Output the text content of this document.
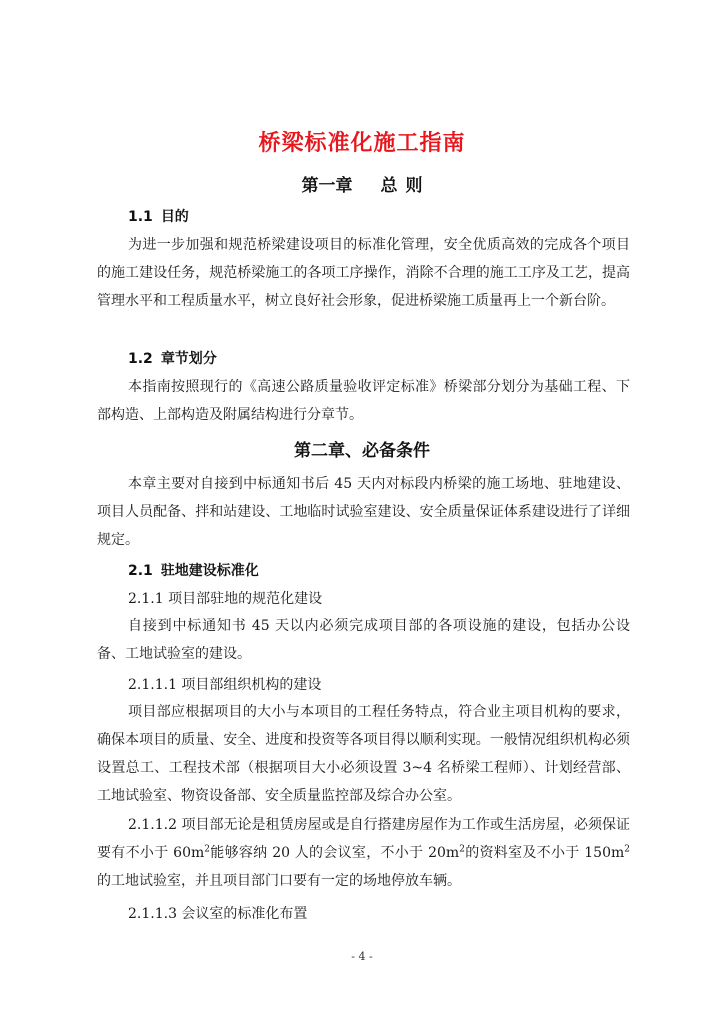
桥梁标准化施工指南
第一章 总 则
1.1 目的

为进一步加强和规范桥梁建设项目的标准化管理，安全优质高效的完成各个项目的施工建设任务，规范桥梁施工的各项工序操作，消除不合理的施工工序及工艺，提高管理水平和工程质量水平，树立良好社会形象，促进桥梁施工质量再上一个新台阶。

1.2 章节划分

本指南按照现行的《高速公路质量验收评定标准》桥梁部分划分为基础工程、下部构造、上部构造及附属结构进行分章节。

第二章、必备条件

本章主要对自接到中标通知书后 45 天内对标段内桥梁的施工场地、驻地建设、项目人员配备、拌和站建设、工地临时试验室建设、安全质量保证体系建设进行了详细规定。

2.1 驻地建设标准化
2.1.1 项目部驻地的规范化建设

自接到中标通知书 45 天以内必须完成项目部的各项设施的建设，包括办公设备、工地试验室的建设。

2.1.1.1 项目部组织机构的建设

项目部应根据项目的大小与本项目的工程任务特点，符合业主项目机构的要求，确保本项目的质量、安全、进度和投资等各项目得以顺利实现。一般情况组织机构必须设置总工、工程技术部（根据项目大小必须设置 3~4 名桥梁工程师）、计划经营部、工地试验室、物资设备部、安全质量监控部及综合办公室。

2.1.1.2 项目部无论是租赁房屋或是自行搭建房屋作为工作或生活房屋，必须保证要有不小于 $60m^2$能够容纳 20 人的会议室，不小于 $20m^2$的资料室及不小于 $150m^2$的工地试验室，并且项目部门口要有一定的场地停放车辆。

2.1.1.3 会议室的标准化布置
- 4 -
